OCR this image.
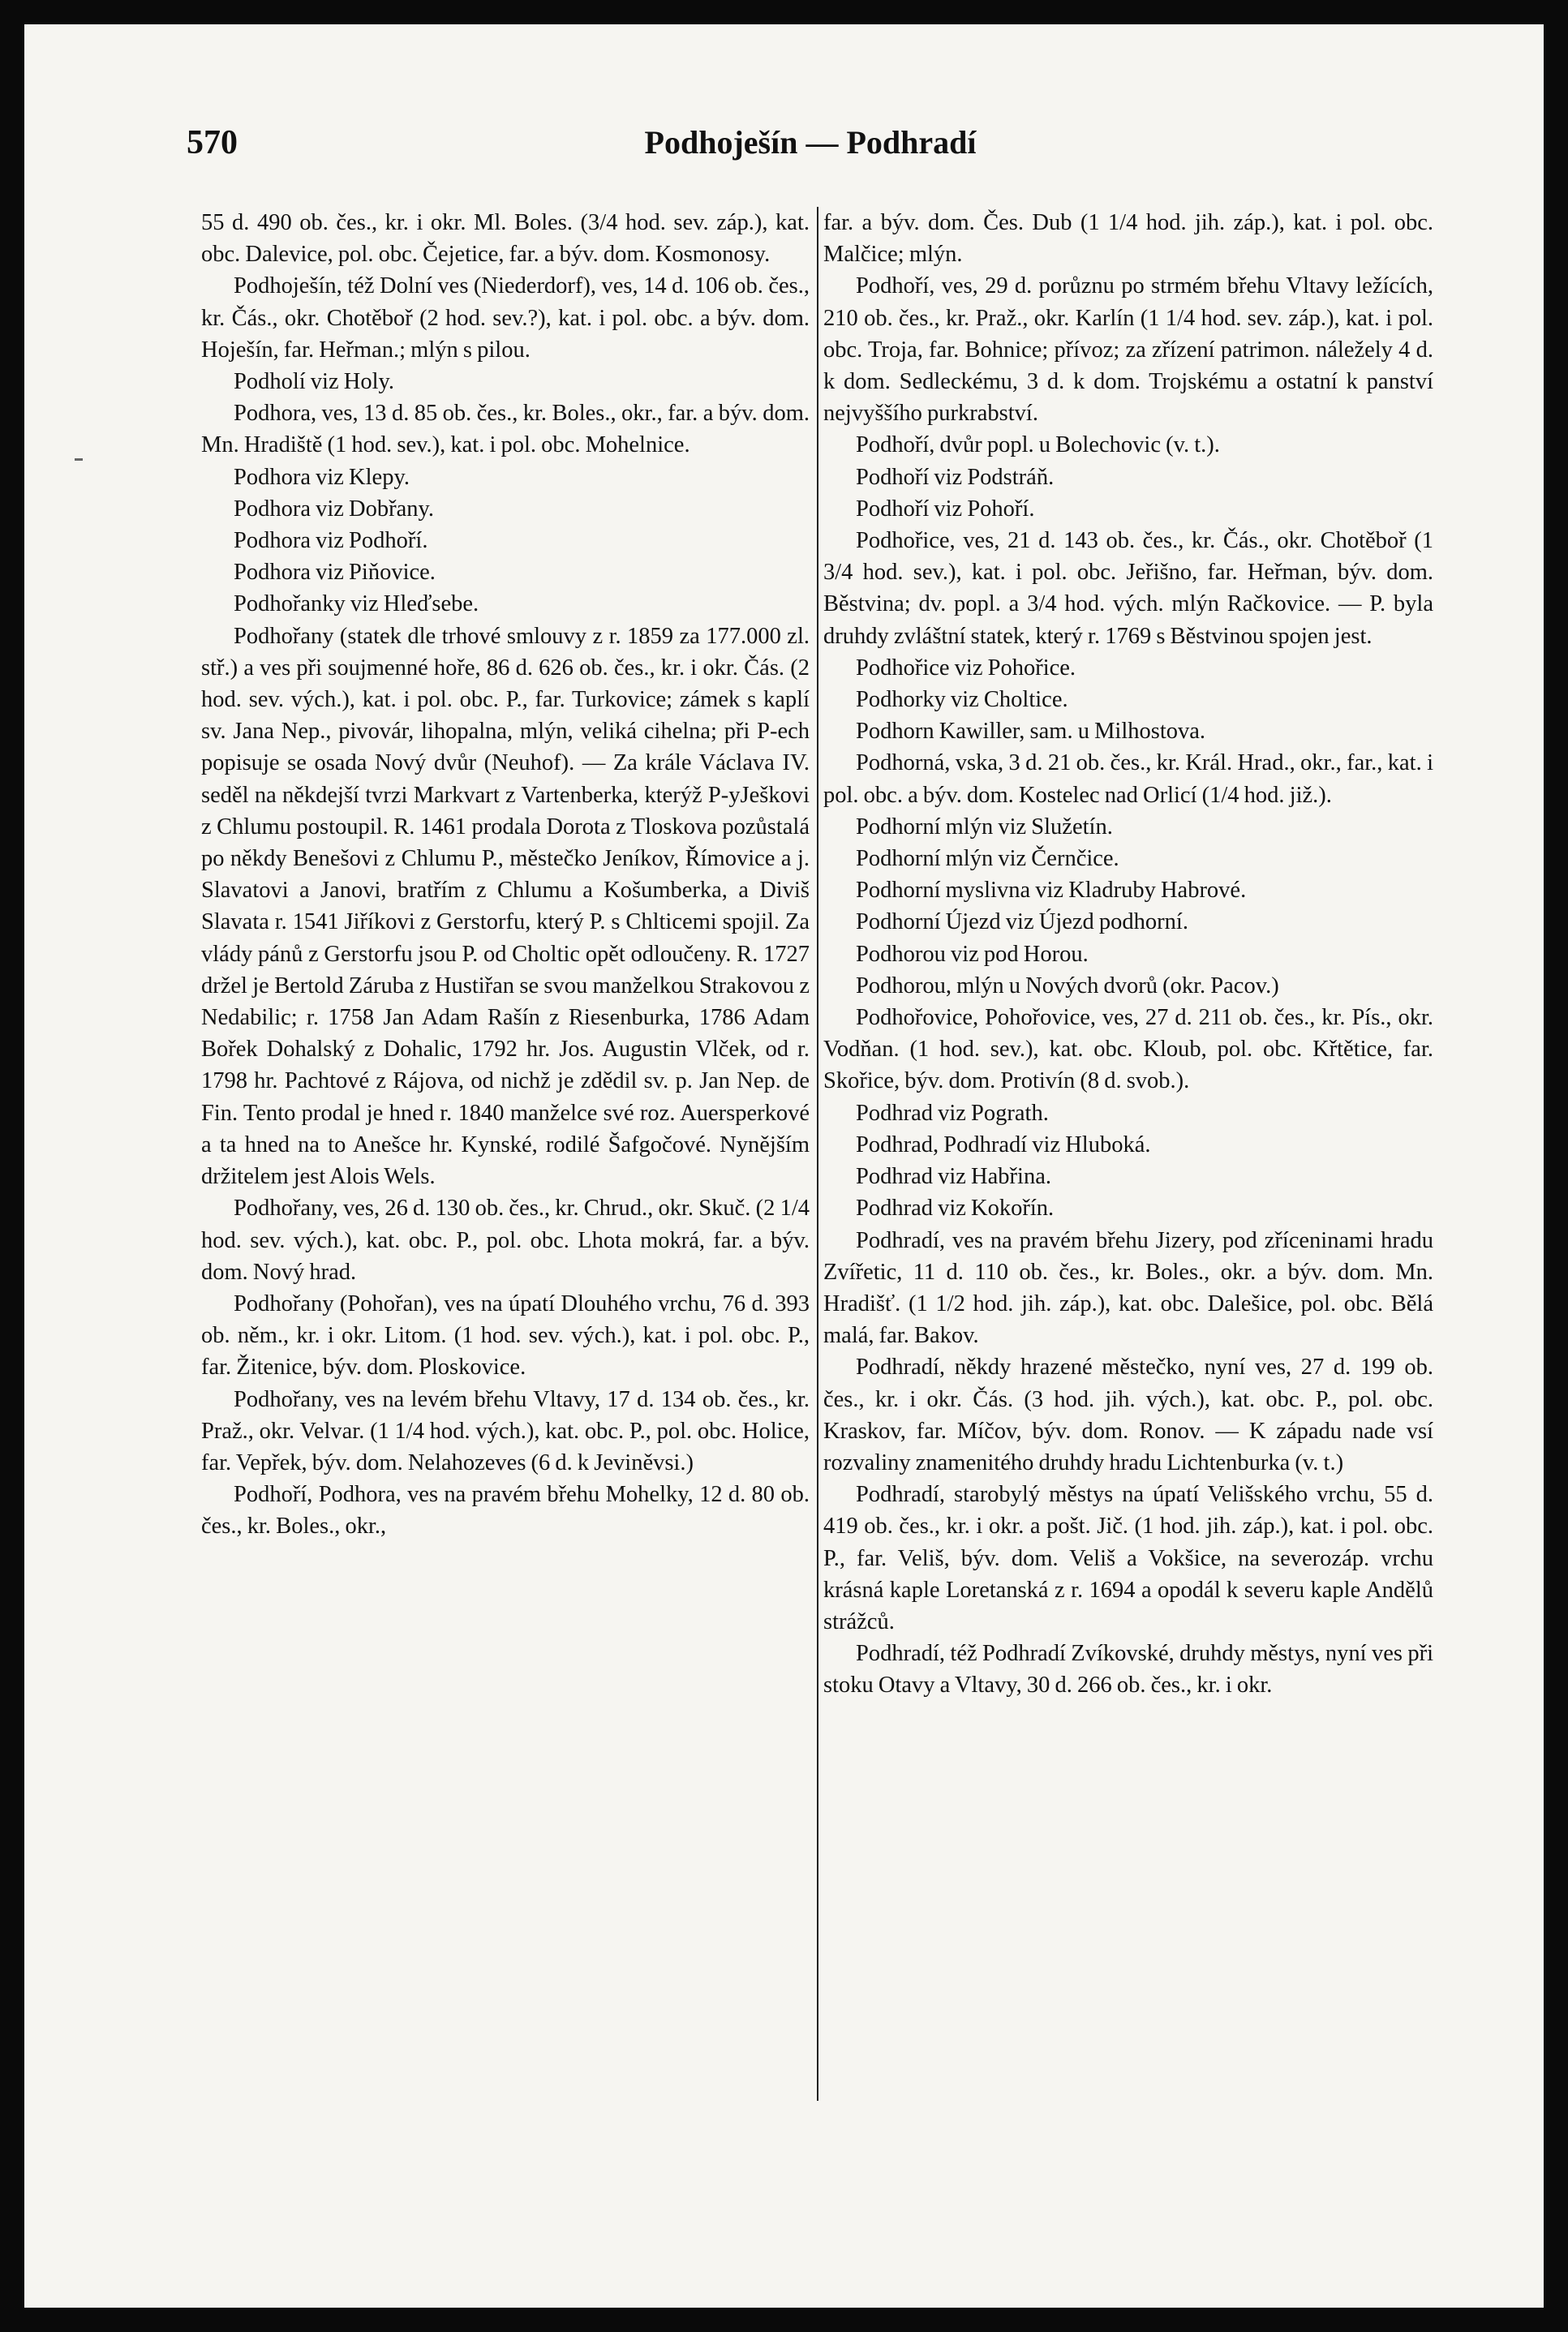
570	Podhoješín — Podhradí

55 d. 490 ob. čes., kr. i okr. Ml. Boles. (3/4 hod. sev. záp.), kat. obc. Dalevice, pol. obc. Čejetice, far. a býv. dom. Kosmonosy.

Podhoješín, též Dolní ves (Niederdorf), ves, 14 d. 106 ob. čes., kr. Čás., okr. Chotěboř (2 hod. sev.?), kat. i pol. obc. a býv. dom. Hoješín, far. Heřman.; mlýn s pilou.

Podholí viz Holy.

Podhora, ves, 13 d. 85 ob. čes., kr. Boles., okr., far. a býv. dom. Mn. Hradiště (1 hod. sev.), kat. i pol. obc. Mohelnice.

Podhora viz Klepy.

Podhora viz Dobřany.

Podhora viz Podhoří.

Podhora viz Piňovice.

Podhořanky viz Hleďsebe.

Podhořany (statek dle trhové smlouvy z r. 1859 za 177.000 zl. stř.) a ves při soujmenné hoře, 86 d. 626 ob. čes., kr. i okr. Čás. (2 hod. sev. vých.), kat. i pol. obc. P., far. Turkovice; zámek s kaplí sv. Jana Nep., pivovár, lihopalna, mlýn, veliká cihelna; při P-ech popisuje se osada Nový dvůr (Neuhof). — Za krále Václava IV. seděl na někdejší tvrzi Markvart z Vartenberka, kterýž P-yJeškovi z Chlumu postoupil. R. 1461 prodala Dorota z Tloskova pozůstalá po někdy Benešovi z Chlumu P., městečko Jeníkov, Římovice a j. Slavatovi a Janovi, bratřím z Chlumu a Košumberka, a Diviš Slavata r. 1541 Jiříkovi z Gerstorfu, který P. s Chlticemi spojil. Za vlády pánů z Gerstorfu jsou P. od Choltic opět odloučeny. R. 1727 držel je Bertold Záruba z Hustiřan se svou manželkou Strakovou z Nedabilic; r. 1758 Jan Adam Rašín z Riesenburka, 1786 Adam Bořek Dohalský z Dohalic, 1792 hr. Jos. Augustin Vlček, od r. 1798 hr. Pachtové z Rájova, od nichž je zdědil sv. p. Jan Nep. de Fin. Tento prodal je hned r. 1840 manželce své roz. Auersperkové a ta hned na to Anešce hr. Kynské, rodilé Šafgočové. Nynějším držitelem jest Alois Wels.

Podhořany, ves, 26 d. 130 ob. čes., kr. Chrud., okr. Skuč. (2 1/4 hod. sev. vých.), kat. obc. P., pol. obc. Lhota mokrá, far. a býv. dom. Nový hrad.

Podhořany (Pohořan), ves na úpatí Dlouhého vrchu, 76 d. 393 ob. něm., kr. i okr. Litom. (1 hod. sev. vých.), kat. i pol. obc. P., far. Žitenice, býv. dom. Ploskovice.

Podhořany, ves na levém břehu Vltavy, 17 d. 134 ob. čes., kr. Praž., okr. Velvar. (1 1/4 hod. vých.), kat. obc. P., pol. obc. Holice, far. Vepřek, býv. dom. Nelahozeves (6 d. k Jeviněvsi.)

Podhoří, Podhora, ves na pravém břehu Mohelky, 12 d. 80 ob. čes., kr. Boles., okr.,

far. a býv. dom. Čes. Dub (1 1/4 hod. jih. záp.), kat. i pol. obc. Malčice; mlýn.

Podhoří, ves, 29 d. porůznu po strmém břehu Vltavy ležících, 210 ob. čes., kr. Praž., okr. Karlín (1 1/4 hod. sev. záp.), kat. i pol. obc. Troja, far. Bohnice; přívoz; za zřízení patrimon. náležely 4 d. k dom. Sedleckému, 3 d. k dom. Trojskému a ostatní k panství nejvyššího purkrabství.

Podhoří, dvůr popl. u Bolechovic (v. t.).

Podhoří viz Podstráň.

Podhoří viz Pohoří.

Podhořice, ves, 21 d. 143 ob. čes., kr. Čás., okr. Chotěboř (1 3/4 hod. sev.), kat. i pol. obc. Jeřišno, far. Heřman, býv. dom. Běstvina; dv. popl. a 3/4 hod. vých. mlýn Račkovice. — P. byla druhdy zvláštní statek, který r. 1769 s Běstvinou spojen jest.

Podhořice viz Pohořice.

Podhorky viz Choltice.

Podhorn Kawiller, sam. u Milhostova.

Podhorná, vska, 3 d. 21 ob. čes., kr. Král. Hrad., okr., far., kat. i pol. obc. a býv. dom. Kostelec nad Orlicí (1/4 hod. již.).

Podhorní mlýn viz Služetín.

Podhorní mlýn viz Černčice.

Podhorní myslivna viz Kladruby Habrové.

Podhorní Újezd viz Újezd podhorní.

Podhorou viz pod Horou.

Podhorou, mlýn u Nových dvorů (okr. Pacov.)

Podhořovice, Pohořovice, ves, 27 d. 211 ob. čes., kr. Pís., okr. Vodňan. (1 hod. sev.), kat. obc. Kloub, pol. obc. Křtětice, far. Skořice, býv. dom. Protivín (8 d. svob.).

Podhrad viz Pograth.

Podhrad, Podhradí viz Hluboká.

Podhrad viz Habřina.

Podhrad viz Kokořín.

Podhradí, ves na pravém břehu Jizery, pod zříceninami hradu Zvířetic, 11 d. 110 ob. čes., kr. Boles., okr. a býv. dom. Mn. Hradišť. (1 1/2 hod. jih. záp.), kat. obc. Dalešice, pol. obc. Bělá malá, far. Bakov.

Podhradí, někdy hrazené městečko, nyní ves, 27 d. 199 ob. čes., kr. i okr. Čás. (3 hod. jih. vých.), kat. obc. P., pol. obc. Kraskov, far. Míčov, býv. dom. Ronov. — K západu nade vsí rozvaliny znamenitého druhdy hradu Lichtenburka (v. t.)

Podhradí, starobylý městys na úpatí Velišského vrchu, 55 d. 419 ob. čes., kr. i okr. a pošt. Jič. (1 hod. jih. záp.), kat. i pol. obc. P., far. Veliš, býv. dom. Veliš a Vokšice, na severozáp. vrchu krásná kaple Loretanská z r. 1694 a opodál k severu kaple Andělů strážců.

Podhradí, též Podhradí Zvíkovské, druhdy městys, nyní ves při stoku Otavy a Vltavy, 30 d. 266 ob. čes., kr. i okr.
